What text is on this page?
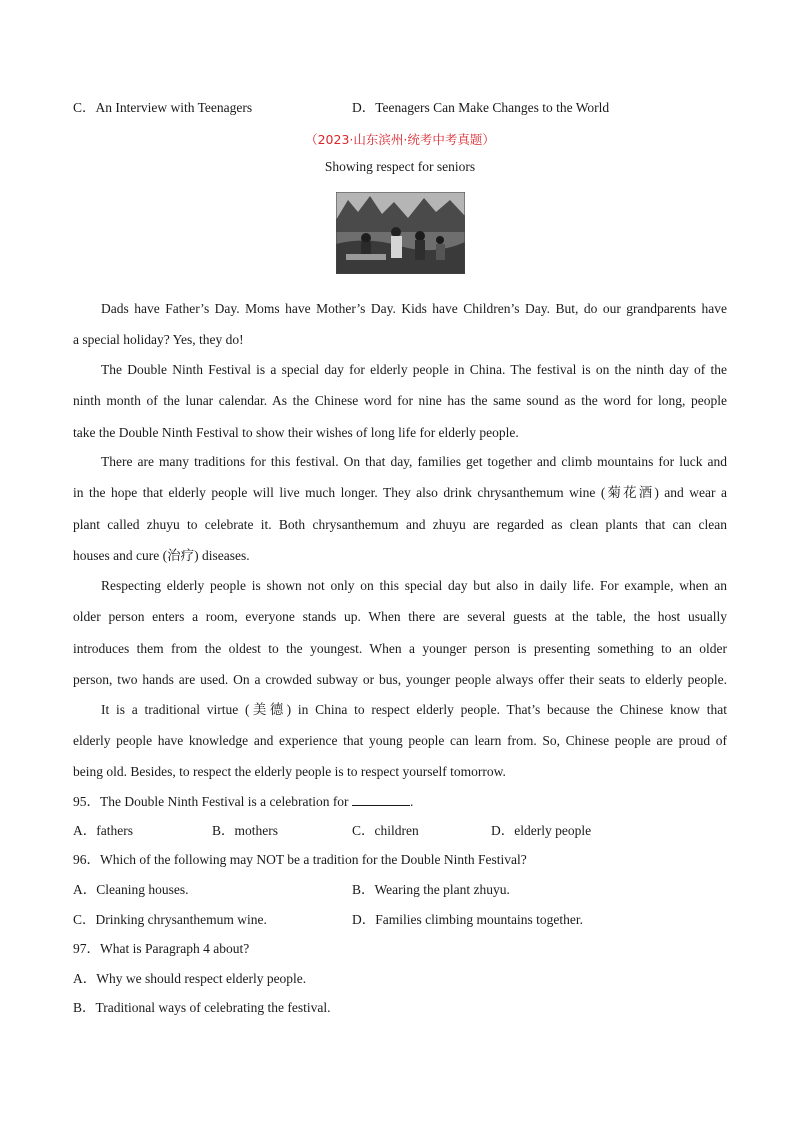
C．An Interview with Teenagers	D．Teenagers Can Make Changes to the World
（2023·山东滨州·统考中考真题）
Showing respect for seniors
Dads have Father’s Day. Moms have Mother’s Day. Kids have Children’s Day. But, do our grandparents have
a special holiday? Yes, they do!
The Double Ninth Festival is a special day for elderly people in China. The festival is on the ninth day of the
ninth month of the lunar calendar. As the Chinese word for nine has the same sound as the word for long, people
take the Double Ninth Festival to show their wishes of long life for elderly people.
There are many traditions for this festival. On that day, families get together and climb mountains for luck and
in the hope that elderly people will live much longer. They also drink chrysanthemum wine (菊花酒) and wear a
plant called zhuyu to celebrate it. Both chrysanthemum and zhuyu are regarded as clean plants that can clean
houses and cure (治疗) diseases.
Respecting elderly people is shown not only on this special day but also in daily life. For example, when an
older person enters a room, everyone stands up. When there are several guests at the table, the host usually
introduces them from the oldest to the youngest. When a younger person is presenting something to an older
person, two hands are used. On a crowded subway or bus, younger people always offer their seats to elderly people.
It is a traditional virtue (美德) in China to respect elderly people. That’s because the Chinese know that
elderly people have knowledge and experience that young people can learn from. So, Chinese people are proud of
being old. Besides, to respect the elderly people is to respect yourself tomorrow.
95．The Double Ninth Festival is a celebration for	.
A．fathers	B．mothers	C．children	D．elderly people
96．Which of the following may NOT be a tradition for the Double Ninth Festival?
A．Cleaning houses.	B．Wearing the plant zhuyu.
C．Drinking chrysanthemum wine.	D．Families climbing mountains together.
97．What is Paragraph 4 about?
A．Why we should respect elderly people.
B．Traditional ways of celebrating the festival.
